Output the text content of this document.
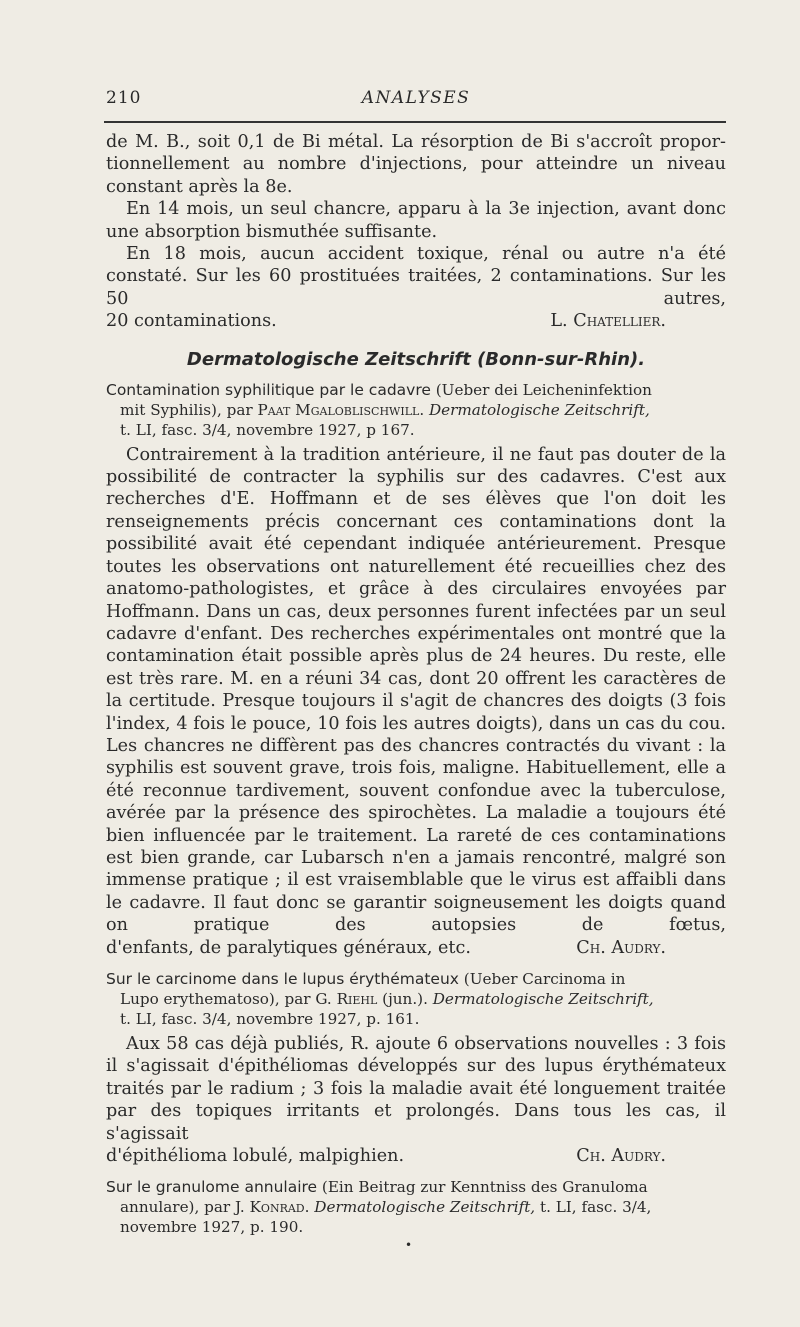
210	ANALYSES

de M. B., soit 0,1 de Bi métal. La résorption de Bi s'accroît propor-

tionnellement au nombre d'injections, pour atteindre un niveau

constant après la 8e.

En 14 mois, un seul chancre, apparu à la 3e injection, avant donc une absorption bismuthée suffisante.

En 18 mois, aucun accident toxique, rénal ou autre n'a été constaté. Sur les 60 prostituées traitées, 2 contaminations. Sur les 50 autres,

20 contaminations.	L. Chatellier.

Dermatologische Zeitschrift (Bonn-sur-Rhin).

Contamination syphilitique par le cadavre (Ueber dei Leicheninfektion

mit Syphilis), par Paat Mgaloblischwill. Dermatologische Zeitschrift,

t. LI, fasc. 3/4, novembre 1927, p 167.

Contrairement à la tradition antérieure, il ne faut pas douter de la possibilité de contracter la syphilis sur des cadavres. C'est aux recherches d'E. Hoffmann et de ses élèves que l'on doit les renseignements précis concernant ces contaminations dont la possibilité avait été cependant indiquée antérieurement. Presque toutes les observations ont naturellement été recueillies chez des anatomo-pathologistes, et grâce à des circulaires envoyées par Hoffmann. Dans un cas, deux personnes furent infectées par un seul cadavre d'enfant. Des recherches expérimentales ont montré que la contamination était possible après plus de 24 heures. Du reste, elle est très rare. M. en a réuni 34 cas, dont 20 offrent les caractères de la certitude. Presque toujours il s'agit de chancres des doigts (3 fois l'index, 4 fois le pouce, 10 fois les autres doigts), dans un cas du cou. Les chancres ne diffèrent pas des chancres contractés du vivant : la syphilis est souvent grave, trois fois, maligne. Habituellement, elle a été reconnue tardivement, souvent confondue avec la tuberculose, avérée par la présence des spirochètes. La maladie a toujours été bien influencée par le traitement. La rareté de ces contaminations est bien grande, car Lubarsch n'en a jamais rencontré, malgré son immense pratique ; il est vraisemblable que le virus est affaibli dans le cadavre. Il faut donc se garantir soigneusement les doigts quand on pratique des autopsies de fœtus,

d'enfants, de paralytiques généraux, etc.	Ch. Audry.

Sur le carcinome dans le lupus érythémateux (Ueber Carcinoma in

Lupo erythematoso), par G. Riehl (jun.). Dermatologische Zeitschrift,

t. LI, fasc. 3/4, novembre 1927, p. 161.

Aux 58 cas déjà publiés, R. ajoute 6 observations nouvelles : 3 fois il s'agissait d'épithéliomas développés sur des lupus érythémateux traités par le radium ; 3 fois la maladie avait été longuement traitée par des topiques irritants et prolongés. Dans tous les cas, il s'agissait

d'épithélioma lobulé, malpighien.	Ch. Audry.

Sur le granulome annulaire (Ein Beitrag zur Kenntniss des Granuloma

annulare), par J. Konrad. Dermatologische Zeitschrift, t. LI, fasc. 3/4,

novembre 1927, p. 190.

•
